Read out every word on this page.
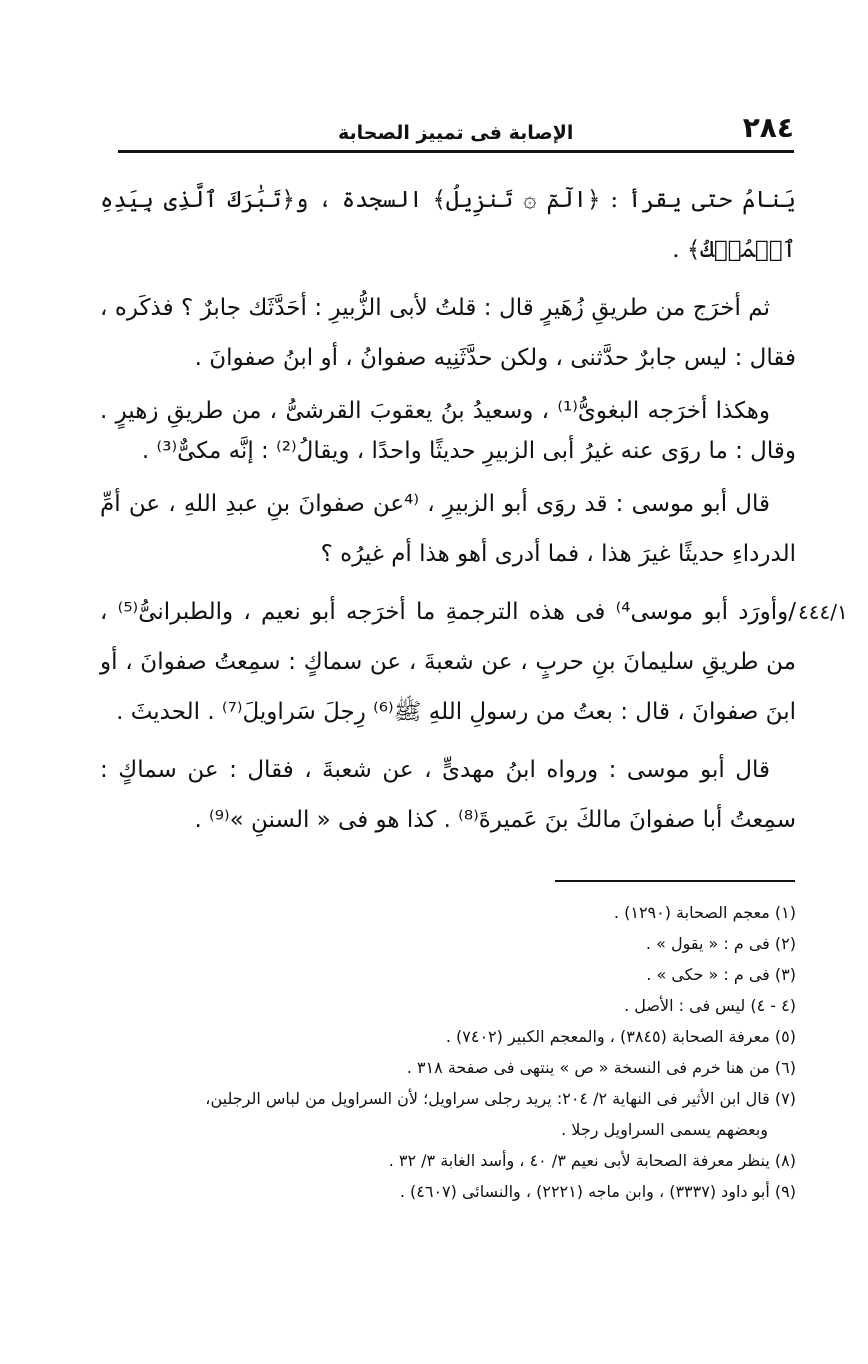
٢٨٤
الإصابة فى تمييز الصحابة

يَنامُ حتى يقرأ : ﴿الٓمٓ ۞ تَنزِيلُ﴾ السجدة ، و﴿تَبَٰرَكَ ٱلَّذِى بِيَدِهِ ٱلۡمُلۡكُ﴾ .

ثم أخرَج من طريقِ زُهَيرٍ قال : قلتُ لأبى الزُّبيرِ : أحَدَّثَك جابرٌ ؟ فذكَره ، فقال : ليس جابرٌ حدَّثنى ، ولكن حدَّثَنِيه صفوانُ ، أو ابنُ صفوانَ .

وهكذا أخرَجه البغوىُّ⁽¹⁾ ، وسعيدُ بنُ يعقوبَ القرشىُّ ، من طريقِ زهيرٍ . وقال : ما روَى عنه غيرُ أبى الزبيرِ حديثًا واحدًا ، ويقالُ⁽²⁾ : إنَّه مكىٌّ⁽³⁾ .

قال أبو موسى : قد روَى أبو الزبيرِ ، ⁽⁴عن صفوانَ بنِ عبدِ اللهِ ، عن أمِّ الدرداءِ حديثًا غيرَ هذا ، فما أدرى أهو هذا أم غيرُه ؟

/وأورَد أبو موسى⁴⁾ فى هذه الترجمةِ ما أخرَجه أبو نعيم ، والطبرانىُّ⁽⁵⁾ ، من طريقِ سليمانَ بنِ حربٍ ، عن شعبةَ ، عن سماكٍ : سمِعتُ صفوانَ ، أو ابنَ صفوانَ ، قال : بعتُ من رسولِ اللهِ ﷺ⁽⁶⁾ رِجلَ سَراويلَ⁽⁷⁾ . الحديثَ .

قال أبو موسى : ورواه ابنُ مهدىٍّ ، عن شعبةَ ، فقال : عن سماكٍ : سمِعتُ أبا صفوانَ مالكَ بنَ عَميرةَ⁽⁸⁾ . كذا هو فى « السننِ »⁽⁹⁾ .

٤٤٤/١
(١) معجم الصحابة (١٢٩٠) .
(٢) فى م : « يقول » .
(٣) فى م : « حكى » .
(٤ - ٤) ليس فى : الأصل .
(٥) معرفة الصحابة (٣٨٤٥) ، والمعجم الكبير (٧٤٠٢) .
(٦) من هنا خرم فى النسخة « ص » ينتهى فى صفحة ٣١٨ .
(٧) قال ابن الأثير فى النهاية ٢/ ٢٠٤: يريد رجلى سراويل؛ لأن السراويل من لباس الرجلين،
وبعضهم يسمى السراويل رجلا .
(٨) ينظر معرفة الصحابة لأبى نعيم ٣/ ٤٠ ، وأسد الغابة ٣/ ٣٢ .
(٩) أبو داود (٣٣٣٧) ، وابن ماجه (٢٢٢١) ، والنسائى (٤٦٠٧) .
